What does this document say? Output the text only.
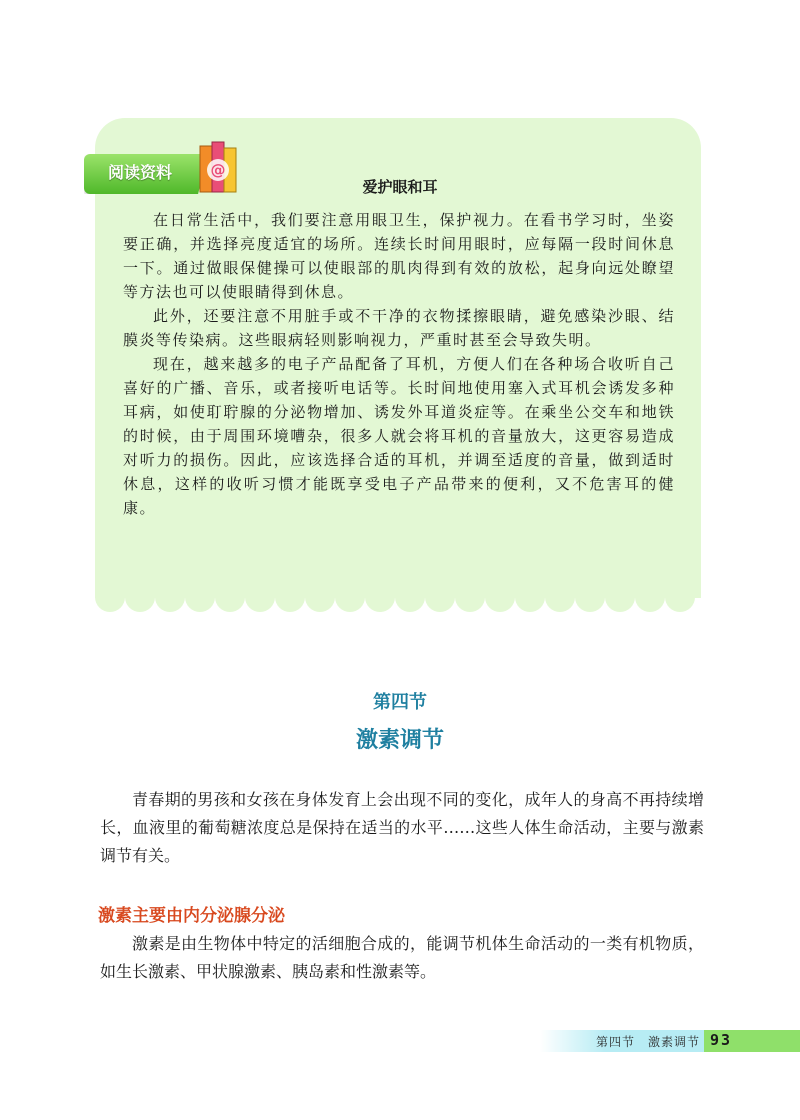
阅读资料	@
爱护眼和耳

在日常生活中，我们要注意用眼卫生，保护视力。在看书学习时，坐姿要正确，并选择亮度适宜的场所。连续长时间用眼时，应每隔一段时间休息一下。通过做眼保健操可以使眼部的肌肉得到有效的放松，起身向远处瞭望等方法也可以使眼睛得到休息。

此外，还要注意不用脏手或不干净的衣物揉擦眼睛，避免感染沙眼、结膜炎等传染病。这些眼病轻则影响视力，严重时甚至会导致失明。

现在，越来越多的电子产品配备了耳机，方便人们在各种场合收听自己喜好的广播、音乐，或者接听电话等。长时间地使用塞入式耳机会诱发多种耳病，如使耵聍腺的分泌物增加、诱发外耳道炎症等。在乘坐公交车和地铁的时候，由于周围环境嘈杂，很多人就会将耳机的音量放大，这更容易造成对听力的损伤。因此，应该选择合适的耳机，并调至适度的音量，做到适时休息，这样的收听习惯才能既享受电子产品带来的便利，又不危害耳的健康。

第四节
激素调节

青春期的男孩和女孩在身体发育上会出现不同的变化，成年人的身高不再持续增长，血液里的葡萄糖浓度总是保持在适当的水平……这些人体生命活动，主要与激素调节有关。

激素主要由内分泌腺分泌

激素是由生物体中特定的活细胞合成的，能调节机体生命活动的一类有机物质，如生长激素、甲状腺激素、胰岛素和性激素等。

第四节　激素调节 93
